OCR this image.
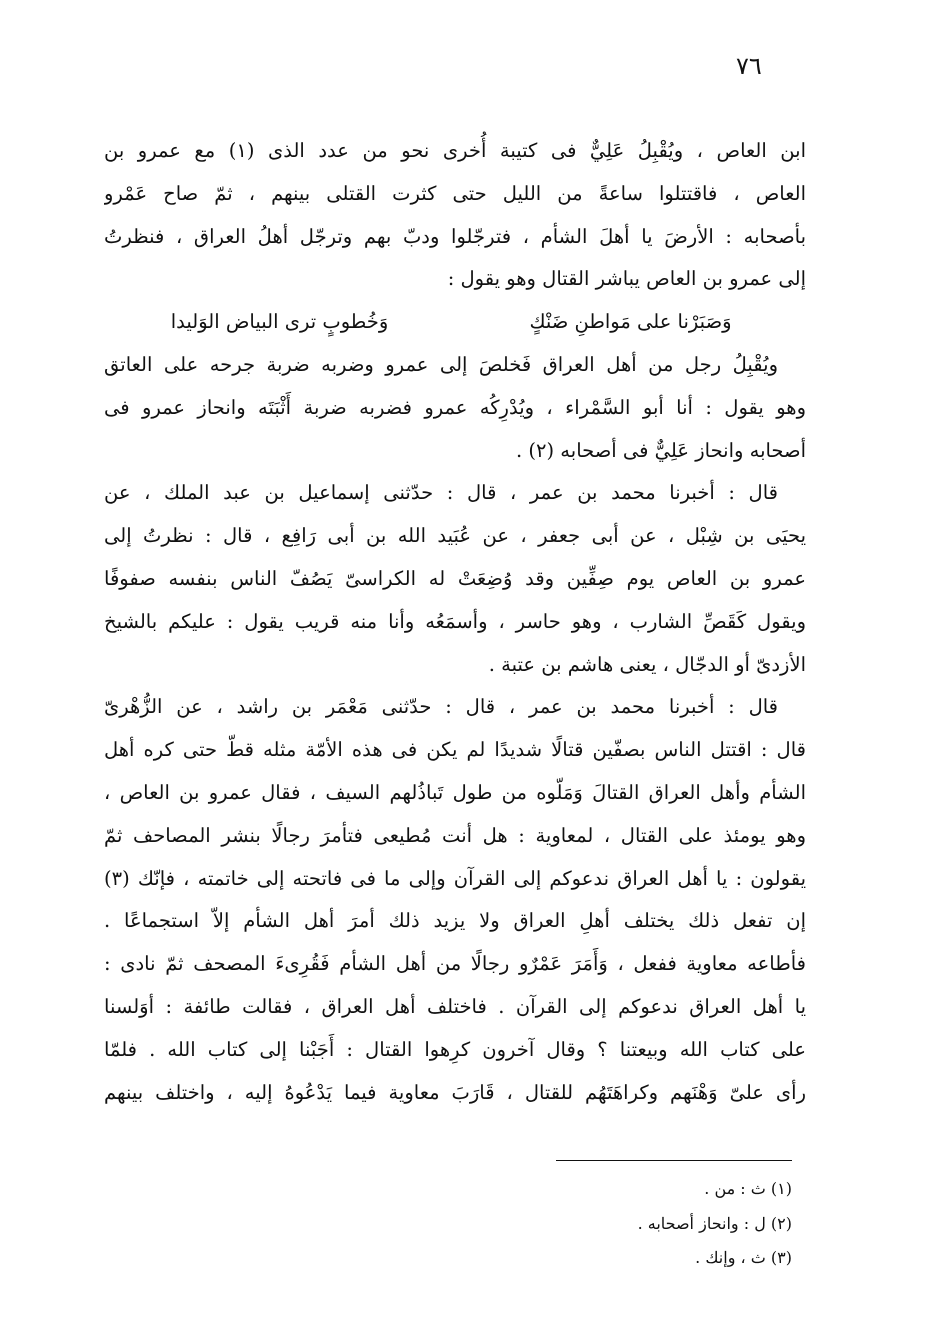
٧٦
ابن العاص ، ويُقْبِلُ عَلِيٌّ فى كتيبة أُخرى نحو من عدد الذى (١) مع عمرو بن
العاص ، فاقتتلوا ساعةً من الليل حتى كثرت القتلى بينهم ، ثمّ صاح عَمْرو
بأصحابه : الأرضَ يا أهلَ الشأم ، فترجّلوا ودبّ بهم وترجّل أهلُ العراق ، فنظرتُ
إلى عمرو بن العاص يباشر القتال وهو يقول :
وَصَبَرْنا على مَواطنِ ضَنْكٍ
وَخُطوبٍ ترى البياض الوَليدا
ويُقْبِلُ رجل من أهل العراق فَخلصَ إلى عمرو وضربه ضربة جرحه على العاتق
وهو يقول : أنا أبو السَّمْراء ، ويُدْرِكُه عمرو فضربه ضربة أَثْبَتَه وانحاز عمرو فى
أصحابه وانحاز عَلِيٌّ فى أصحابه (٢) .
قال : أخبرنا محمد بن عمر ، قال : حدّثنى إسماعيل بن عبد الملك ، عن
يحيَى بن شِبْل ، عن أبى جعفر ، عن عُبَيد الله بن أبى رَافِع ، قال : نظرتُ إلى
عمرو بن العاص يوم صِفِّين وقد وُضِعَتْ له الكراسىّ يَصُفّ الناس بنفسه صفوفًا
ويقول كَقَصِّ الشارب ، وهو حاسر ، وأسمَعُه وأنا منه قريب يقول : عليكم بالشيخ
الأزدىّ أو الدجّال ، يعنى هاشم بن عتبة .
قال : أخبرنا محمد بن عمر ، قال : حدّثنى مَعْمَر بن راشد ، عن الزُّهْرىّ
قال : اقتتل الناس بصفّين قتالًا شديدًا لم يكن فى هذه الأمّة مثله قطّ حتى كره أهل
الشأم وأهل العراق القتالَ وَمَلّوه من طول تَباذُلهم السيف ، فقال عمرو بن العاص ،
وهو يومئذ على القتال ، لمعاوية : هل أنت مُطيعى فتأمرَ رجالًا بنشر المصاحف ثمّ
يقولون : يا أهل العراق ندعوكم إلى القرآن وإلى ما فى فاتحته إلى خاتمته ، فإنّك (٣)
إن تفعل ذلك يختلف أهلِ العراق ولا يزيد ذلك أمرَ أهل الشأم إلاّ استجماعًا .
فأطاعه معاوية ففعل ، وَأَمَرَ عَمْرٌو رجالًا من أهل الشأم فَقُرِىءَ المصحف ثمّ نادى :
يا أهل العراق ندعوكم إلى القرآن . فاختلف أهل العراق ، فقالت طائفة : أوَلسنا
على كتاب الله وبيعتنا ؟ وقال آخرون كرِهوا القتال : أَجَبْنا إلى كتاب الله . فلمّا
رأى علىّ وَهْنَهم وكراهَتَهُم للقتال ، قَارَبَ معاوية فيما يَدْعُوهُ إليه ، واختلف بينهم
(١) ث : من .
(٢) ل : وانحاز أصحابه .
(٣) ث ، وإنك .
